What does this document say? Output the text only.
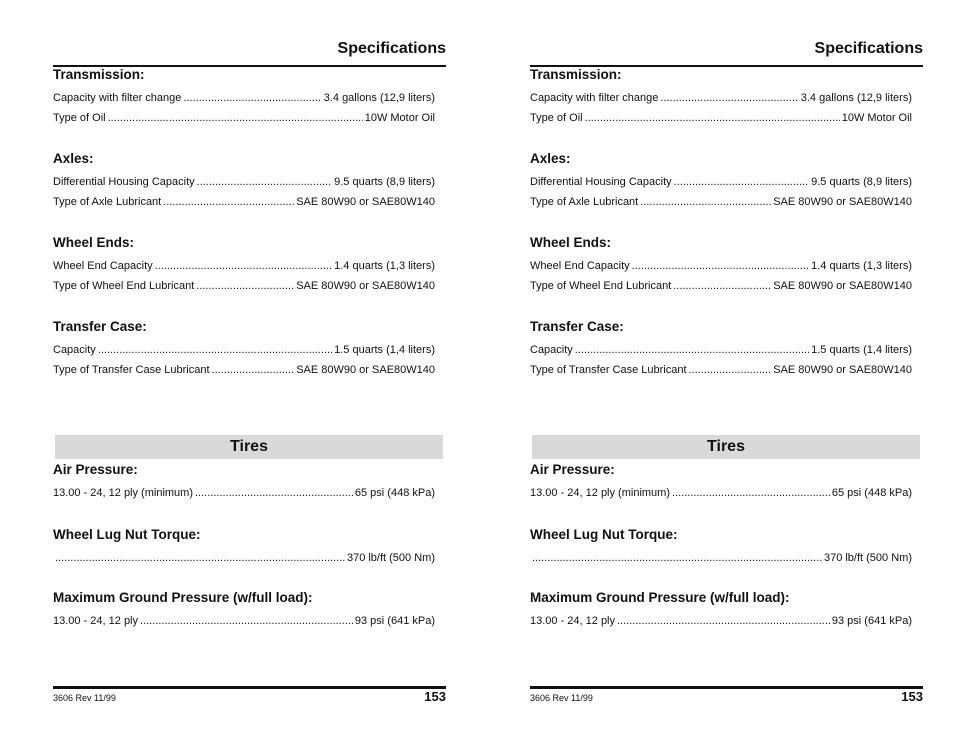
Specifications
Transmission:
Capacity with filter change .....	3.4 gallons (12,9 liters)
Type of Oil .....	10W Motor Oil
Axles:
Differential Housing Capacity .....	9.5 quarts (8,9 liters)
Type of Axle Lubricant .....	SAE 80W90 or SAE80W140
Wheel Ends:
Wheel End Capacity .....	1.4 quarts (1,3 liters)
Type of Wheel End Lubricant .....	SAE 80W90 or SAE80W140
Transfer Case:
Capacity .....	1.5 quarts (1,4 liters)
Type of Transfer Case Lubricant .....	SAE 80W90 or SAE80W140
Tires
Air Pressure:
13.00 - 24, 12 ply (minimum) .....	65 psi (448 kPa)
Wheel Lug Nut Torque:
.....
370 lb/ft (500 Nm)
Maximum Ground Pressure (w/full load):
13.00 - 24, 12 ply .....	93 psi (641 kPa)
3606 Rev 11/99	153
Specifications
Transmission:
Capacity with filter change .....	3.4 gallons (12,9 liters)
Type of Oil .....	10W Motor Oil
Axles:
Differential Housing Capacity .....	9.5 quarts (8,9 liters)
Type of Axle Lubricant .....	SAE 80W90 or SAE80W140
Wheel Ends:
Wheel End Capacity .....	1.4 quarts (1,3 liters)
Type of Wheel End Lubricant .....	SAE 80W90 or SAE80W140
Transfer Case:
Capacity .....	1.5 quarts (1,4 liters)
Type of Transfer Case Lubricant .....	SAE 80W90 or SAE80W140
Tires
Air Pressure:
13.00 - 24, 12 ply (minimum) .....	65 psi (448 kPa)
Wheel Lug Nut Torque:
.....
370 lb/ft (500 Nm)
Maximum Ground Pressure (w/full load):
13.00 - 24, 12 ply .....	93 psi (641 kPa)
3606 Rev 11/99	153
